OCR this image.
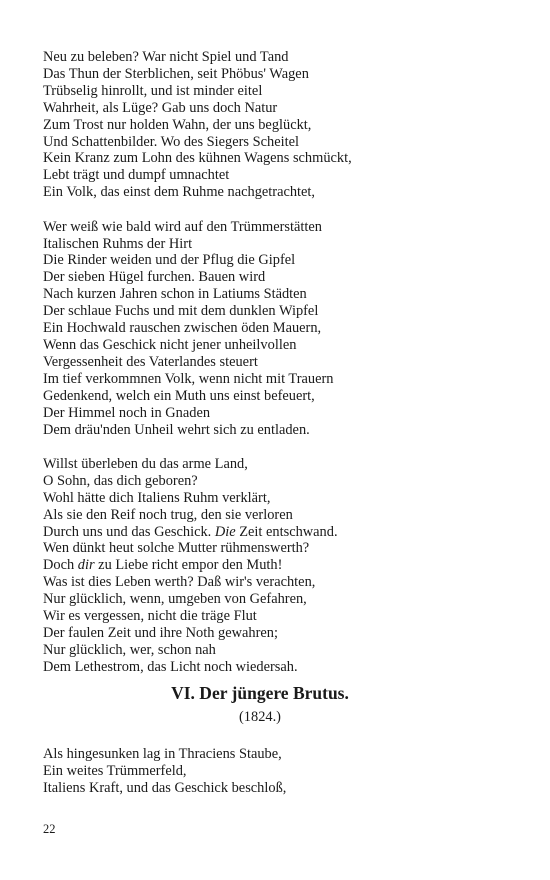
Neu zu beleben? War nicht Spiel und Tand
Das Thun der Sterblichen, seit Phöbus' Wagen
Trübselig hinrollt, und ist minder eitel
Wahrheit, als Lüge? Gab uns doch Natur
Zum Trost nur holden Wahn, der uns beglückt,
Und Schattenbilder. Wo des Siegers Scheitel
Kein Kranz zum Lohn des kühnen Wagens schmückt,
Lebt trägt und dumpf umnachtet
Ein Volk, das einst dem Ruhme nachgetrachtet,
Wer weiß wie bald wird auf den Trümmerstätten
Italischen Ruhms der Hirt
Die Rinder weiden und der Pflug die Gipfel
Der sieben Hügel furchen. Bauen wird
Nach kurzen Jahren schon in Latiums Städten
Der schlaue Fuchs und mit dem dunklen Wipfel
Ein Hochwald rauschen zwischen öden Mauern,
Wenn das Geschick nicht jener unheilvollen
Vergessenheit des Vaterlandes steuert
Im tief verkommnen Volk, wenn nicht mit Trauern
Gedenkend, welch ein Muth uns einst befeuert,
Der Himmel noch in Gnaden
Dem dräu'nden Unheil wehrt sich zu entladen.
Willst überleben du das arme Land,
O Sohn, das dich geboren?
Wohl hätte dich Italiens Ruhm verklärt,
Als sie den Reif noch trug, den sie verloren
Durch uns und das Geschick. Die Zeit entschwand.
Wen dünkt heut solche Mutter rühmenswerth?
Doch dir zu Liebe richt empor den Muth!
Was ist dies Leben werth? Daß wir's verachten,
Nur glücklich, wenn, umgeben von Gefahren,
Wir es vergessen, nicht die träge Flut
Der faulen Zeit und ihre Noth gewahren;
Nur glücklich, wer, schon nah
Dem Lethestrom, das Licht noch wiedersah.
VI. Der jüngere Brutus.
(1824.)
Als hingesunken lag in Thraciens Staube,
Ein weites Trümmerfeld,
Italiens Kraft, und das Geschick beschloß,
22
